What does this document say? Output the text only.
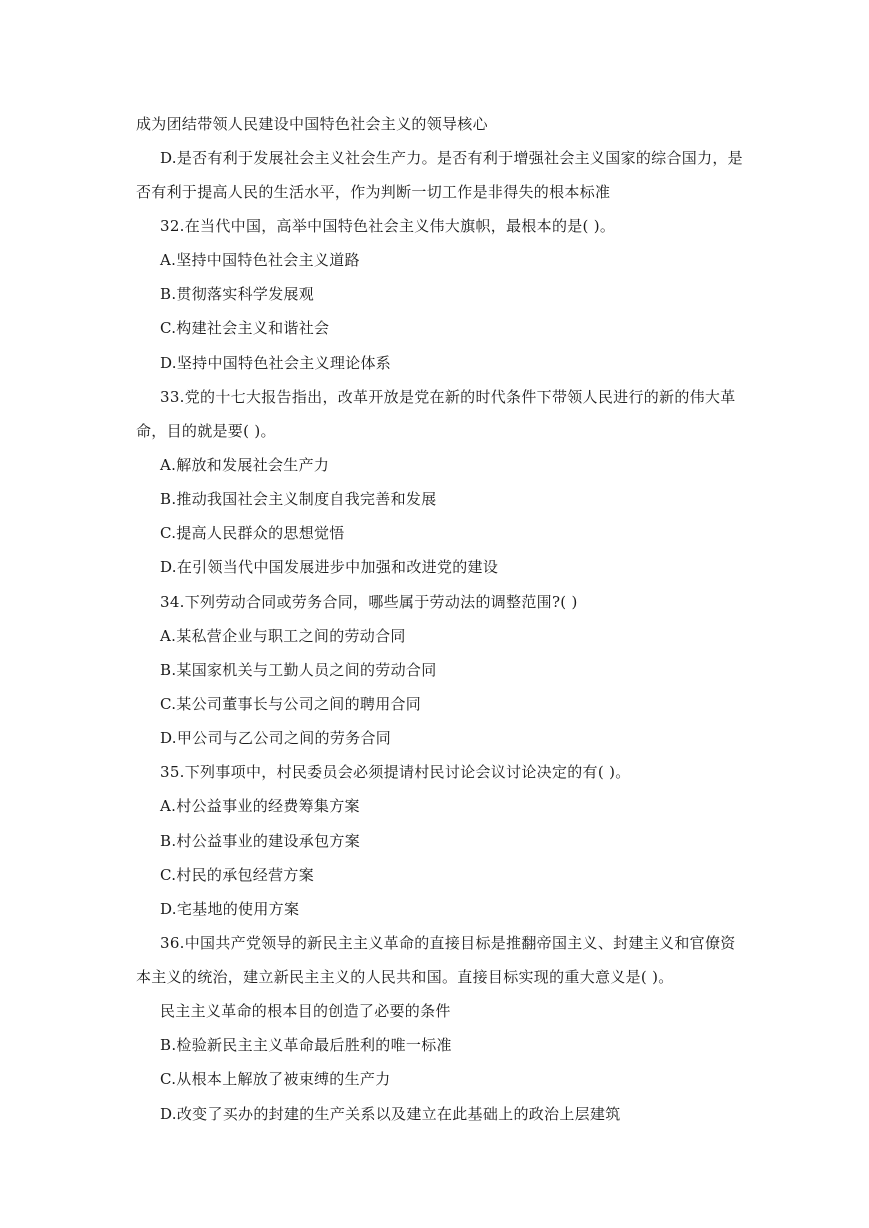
成为团结带领人民建设中国特色社会主义的领导核心
D.是否有利于发展社会主义社会生产力。是否有利于增强社会主义国家的综合国力，是
否有利于提高人民的生活水平，作为判断一切工作是非得失的根本标准
32.在当代中国，高举中国特色社会主义伟大旗帜，最根本的是( )。
A.坚持中国特色社会主义道路
B.贯彻落实科学发展观
C.构建社会主义和谐社会
D.坚持中国特色社会主义理论体系
33.党的十七大报告指出，改革开放是党在新的时代条件下带领人民进行的新的伟大革
命，目的就是要( )。
A.解放和发展社会生产力
B.推动我国社会主义制度自我完善和发展
C.提高人民群众的思想觉悟
D.在引领当代中国发展进步中加强和改进党的建设
34.下列劳动合同或劳务合同，哪些属于劳动法的调整范围?( )
A.某私营企业与职工之间的劳动合同
B.某国家机关与工勤人员之间的劳动合同
C.某公司董事长与公司之间的聘用合同
D.甲公司与乙公司之间的劳务合同
35.下列事项中，村民委员会必须提请村民讨论会议讨论决定的有( )。
A.村公益事业的经费筹集方案
B.村公益事业的建设承包方案
C.村民的承包经营方案
D.宅基地的使用方案
36.中国共产党领导的新民主主义革命的直接目标是推翻帝国主义、封建主义和官僚资
本主义的统治，建立新民主主义的人民共和国。直接目标实现的重大意义是( )。
民主主义革命的根本目的创造了必要的条件
B.检验新民主主义革命最后胜利的唯一标准
C.从根本上解放了被束缚的生产力
D.改变了买办的封建的生产关系以及建立在此基础上的政治上层建筑
